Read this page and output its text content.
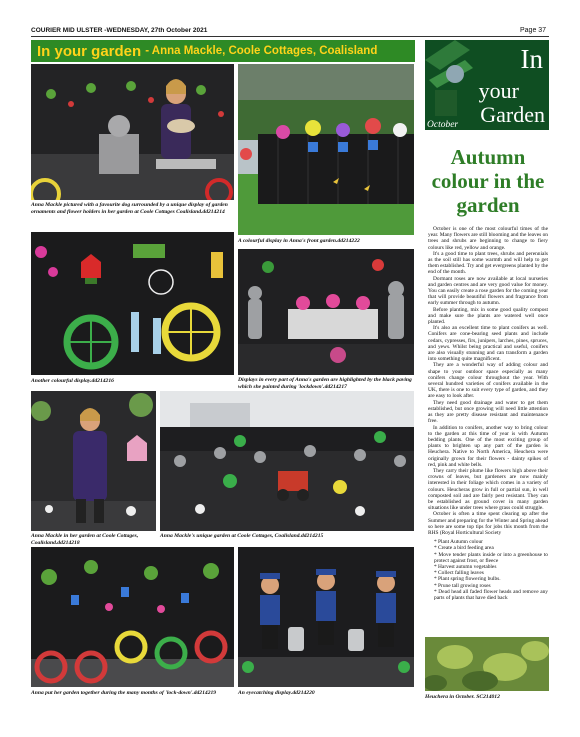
COURIER MID ULSTER -WEDNESDAY, 27th October 2021	Page 37
In your garden - Anna Mackle, Coole Cottages, Coalisland
Anna Mackle pictured with a favourite dog surrounded by a unique display of garden ornaments and flower holders in her garden at Coole Cottages Coalisland.dd214214
A colourful display in Anna's front garden.dd214222
Another colourful display.dd214216	Displays in every part of Anna's garden are highlighted by the black paving which she painted during 'lockdown'.dd214217
Anna Mackle in her garden at Coole Cottages, Coalisland.dd214218
Anna Mackle's unique garden at Coole Cottages, Coalisland.dd214215
Anna put her garden together during the many months of 'lock-down'.dd214219	An eyecatching display.dd214220
Heuchera in October. SC214012
In
your
Garden
October
Autumn colour in the garden

October is one of the most colourful times of the year. Many flowers are still blooming and the leaves on trees and shrubs are beginning to change to fiery colours like red, yellow and orange.

It's a good time to plant trees, shrubs and perennials as the soil still has some warmth and will help to get them established. Try and get evergreens planted by the end of the month.

Dormant roses are now available at local nurseries and garden centres and are very good value for money. You can easily create a rose garden for the coming year that will provide beautiful flowers and fragrance from early summer through to autumn.

Before planting, mix in some good quality compost and make sure the plants are watered well once planted.

It's also an excellent time to plant conifers as well. Conifers are cone-bearing seed plants and include cedars, cypresses, firs, junipers, larches, pines, spruces, and yews. Whilst being practical and useful, conifers are also visually stunning and can transform a garden into something quite magnificent.

They are a wonderful way of adding colour and shape to your outdoor space especially as many conifers change colour throughout the year. With several hundred varieties of conifers available in the UK, there is one to suit every type of garden, and they are easy to look after.

They need good drainage and water to get them established, but once growing will need little attention as they are pretty disease resistant and maintenance free.

In addition to conifers, another way to bring colour to the garden at this time of year is with Autumn bedding plants. One of the most exciting group of plants to brighten up any part of the garden is Heuchera. Native to North America, Heuchera were originally grown for their flowers - dainty spikes of red, pink and white bells.

They carry their plume like flowers high above their crowns of leaves, but gardeners are now mainly interested in their foliage which comes in a variety of colours. Heucheras grow in full or partial sun, in well composted soil and are fairly pest resistant. They can be established as ground cover in many garden situations like under trees where grass could struggle.

October is often a time spent clearing up after the Summer and preparing for the Winter and Spring ahead so here are some top tips for jobs this month from the RHS (Royal Horticultural Society

* Plant Autumn colour
* Create a bird feeding area
* Move tender plants inside or into a greenhouse to protect against frost, or fleece
* Harvest autumn vegetables
* Collect falling leaves
* Plant spring flowering bulbs.
* Prune tall growing roses
* Dead head all faded flower heads and remove any parts of plants that have died back
